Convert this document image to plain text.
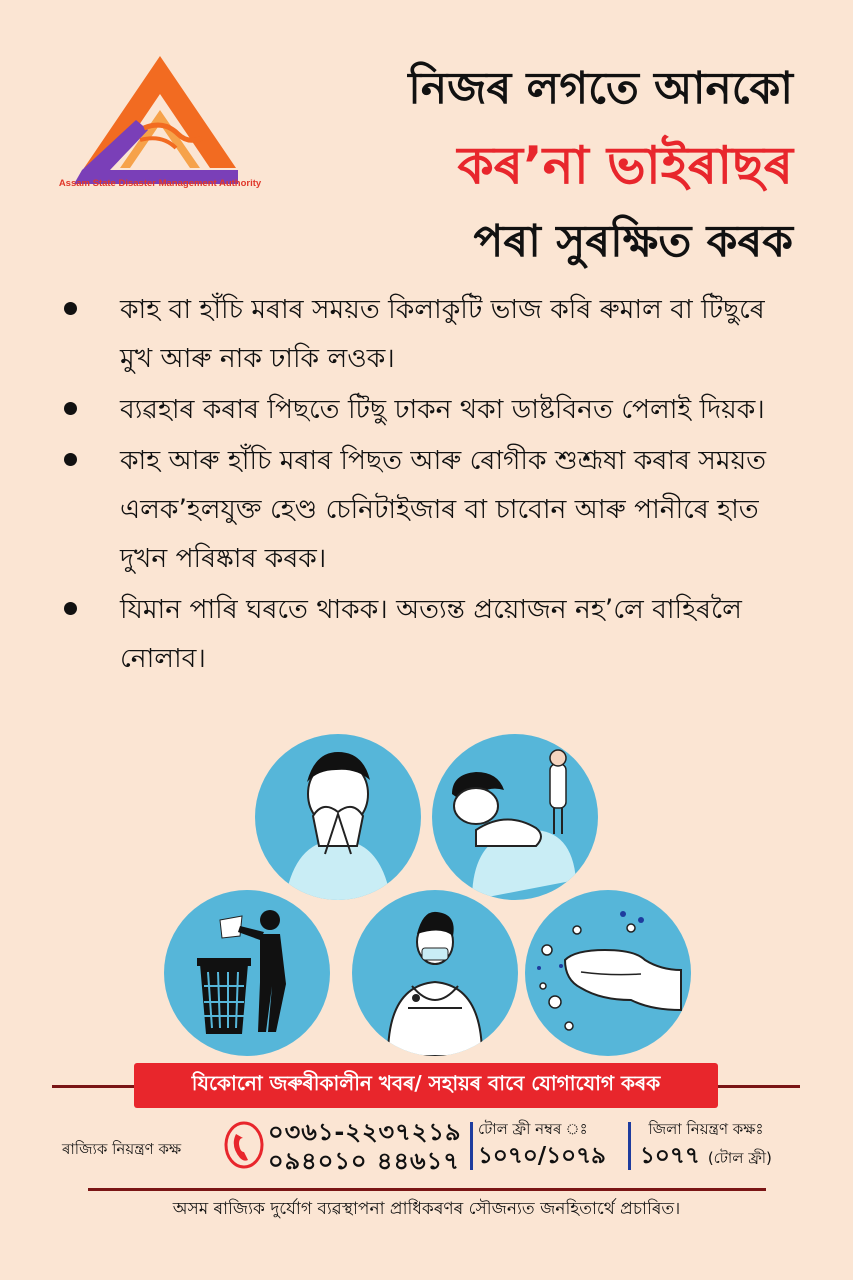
Assam State Disaster Management Authority
নিজৰ লগতে আনকো
কৰ’না ভাইৰাছৰ
পৰা সুৰক্ষিত কৰক
কাহ বা হাঁচি মৰাৰ সময়ত কিলাকুটি ভাজ কৰি ৰুমাল বা টিছুৰে মুখ আৰু নাক ঢাকি লওক।
ব্যৱহাৰ কৰাৰ পিছতে টিছু ঢাকন থকা ডাষ্টবিনত পেলাই দিয়ক।
কাহ আৰু হাঁচি মৰাৰ পিছত আৰু ৰোগীক শুশ্ৰূষা কৰাৰ সময়ত এলক’হলযুক্ত হেণ্ড চেনিটাইজাৰ বা চাবোন আৰু পানীৰে হাত দুখন পৰিষ্কাৰ কৰক।
যিমান পাৰি ঘৰতে থাকক। অত্যন্ত প্ৰয়োজন নহ’লে বাহিৰলৈ নোলাব।
যিকোনো জৰুৰীকালীন খবৰ/ সহায়ৰ বাবে যোগাযোগ কৰক
ৰাজ্যিক নিয়ন্ত্ৰণ কক্ষ
০৩৬১-২২৩৭২১৯
০৯৪০১০ ৪৪৬১৭
টোল ফ্ৰী নম্বৰ ঃ
১০৭০/১০৭৯
জিলা নিয়ন্ত্ৰণ কক্ষঃ
১০৭৭ (টোল ফ্ৰী)
অসম ৰাজ্যিক দুৰ্যোগ ব্যৱস্থাপনা প্ৰাধিকৰণৰ সৌজন্যত জনহিতাৰ্থে প্ৰচাৰিত।
